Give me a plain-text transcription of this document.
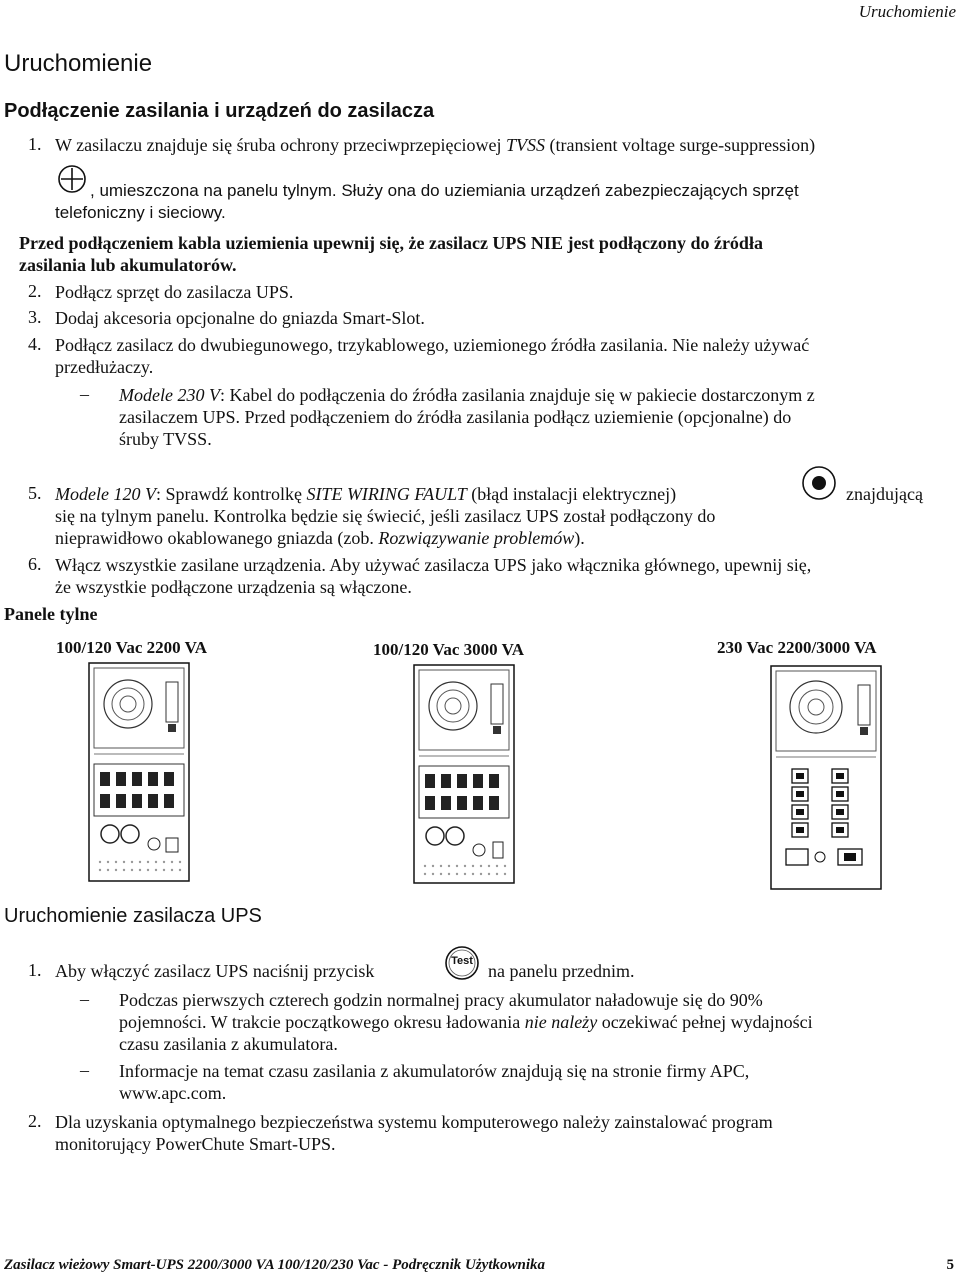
Uruchomienie
Uruchomienie
Podłączenie zasilania i urządzeń do zasilacza
1. W zasilaczu znajduje się śruba ochrony przeciwprzepięciowej TVSS (transient voltage surge-suppression)
, umieszczona na panelu tylnym. Służy ona do uziemiania urządzeń zabezpieczających sprzęt
telefoniczny i sieciowy.
Przed podłączeniem kabla uziemienia upewnij się, że zasilacz UPS NIE jest podłączony do źródła
zasilania lub akumulatorów.
2. Podłącz sprzęt do zasilacza UPS.
3. Dodaj akcesoria opcjonalne do gniazda Smart-Slot.
4. Podłącz zasilacz do dwubiegunowego, trzykablowego, uziemionego źródła zasilania. Nie należy używać
przedłużaczy.
– Modele 230 V: Kabel do podłączenia do źródła zasilania znajduje się w pakiecie dostarczonym z
zasilaczem UPS. Przed podłączeniem do źródła zasilania podłącz uziemienie (opcjonalne) do
śruby TVSS.
5. Modele 120 V: Sprawdź kontrolkę SITE WIRING FAULT (błąd instalacji elektrycznej)	znajdującą
się na tylnym panelu. Kontrolka będzie się świecić, jeśli zasilacz UPS został podłączony do
nieprawidłowo okablowanego gniazda (zob. Rozwiązywanie problemów).
6. Włącz wszystkie zasilane urządzenia. Aby używać zasilacza UPS jako włącznika głównego, upewnij się,
że wszystkie podłączone urządzenia są włączone.
Panele tylne
100/120 Vac 2200 VA	100/120 Vac 3000 VA	230 Vac 2200/3000 VA
Uruchomienie zasilacza UPS
1. Aby włączyć zasilacz UPS naciśnij przycisk	Test na panelu przednim.
– Podczas pierwszych czterech godzin normalnej pracy akumulator naładowuje się do 90%
pojemności. W trakcie początkowego okresu ładowania nie należy oczekiwać pełnej wydajności
czasu zasilania z akumulatora.
– Informacje na temat czasu zasilania z akumulatorów znajdują się na stronie firmy APC,
www.apc.com.
2. Dla uzyskania optymalnego bezpieczeństwa systemu komputerowego należy zainstalować program
monitorujący PowerChute Smart-UPS.
Zasilacz wieżowy Smart-UPS 2200/3000 VA 100/120/230 Vac - Podręcznik Użytkownika	5
